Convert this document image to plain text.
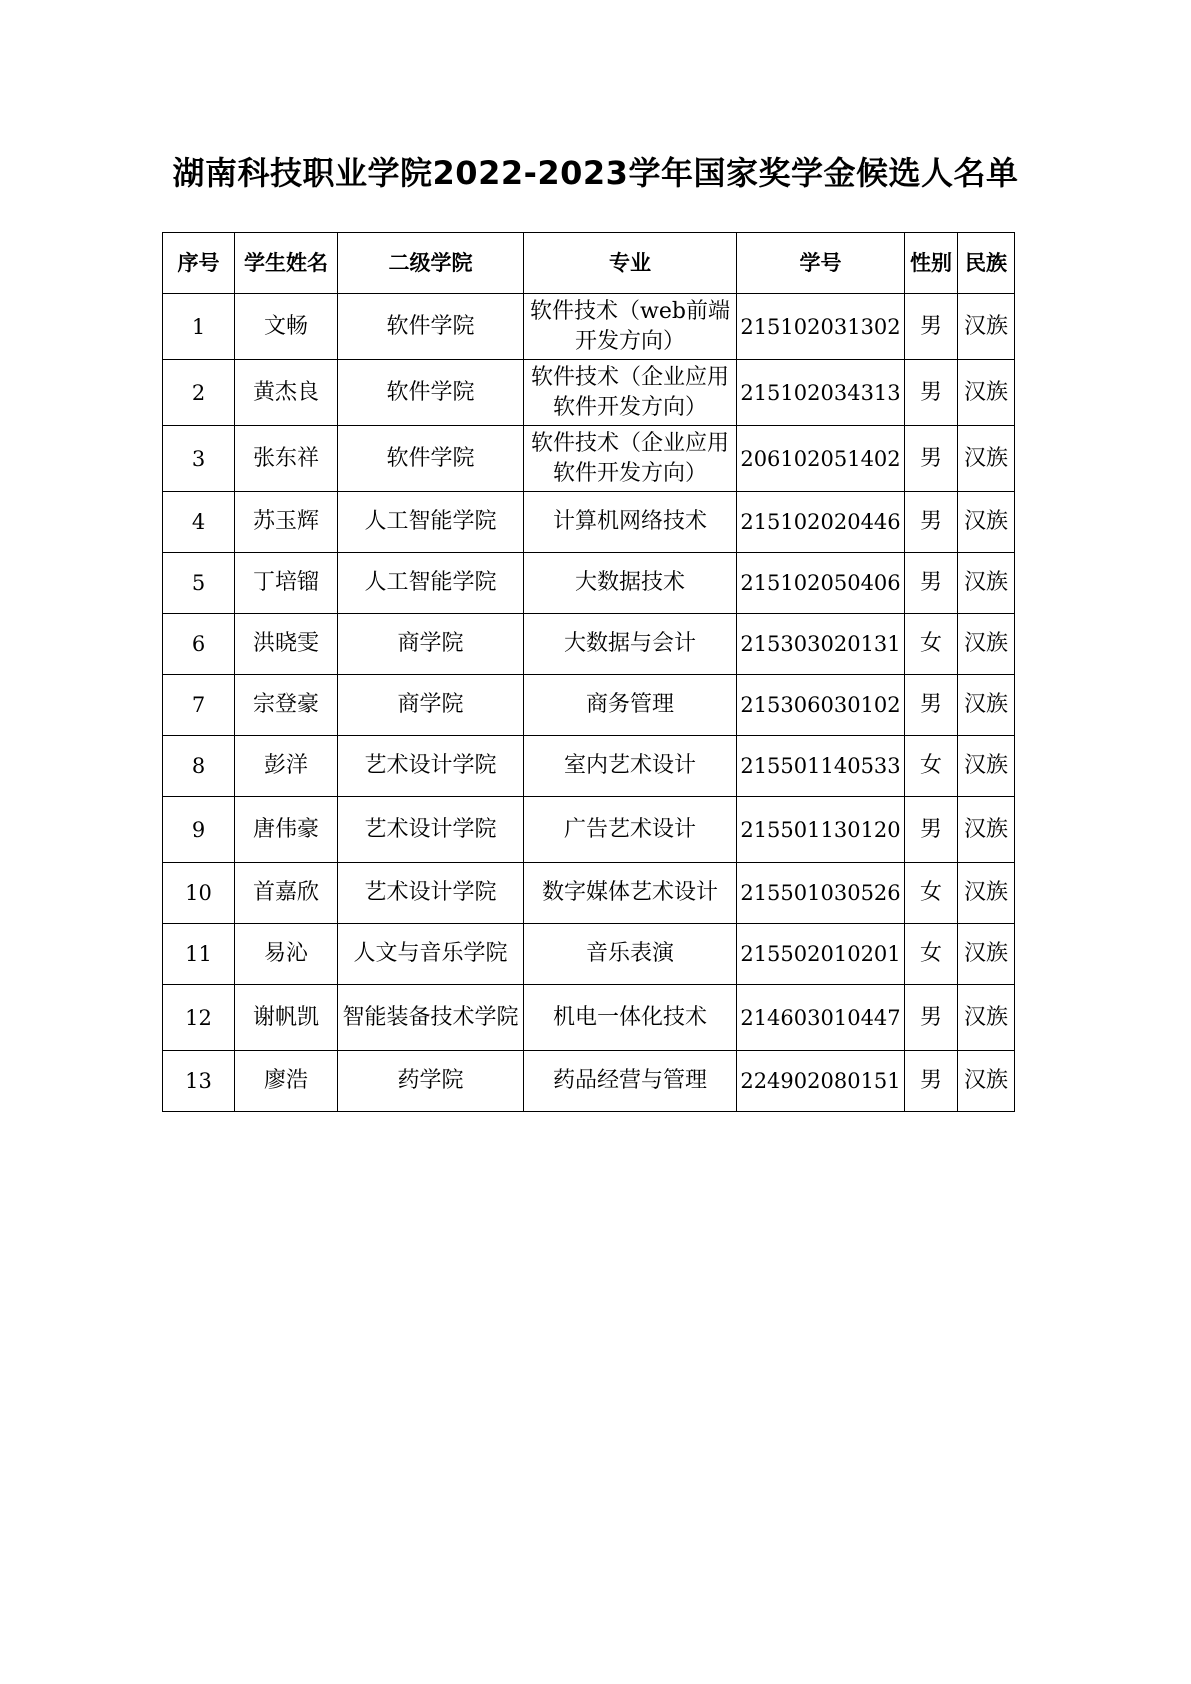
湖南科技职业学院2022-2023学年国家奖学金候选人名单
序号	学生姓名	二级学院	专业	学号	性别	民族
1	文畅	软件学院	软件技术（web前端开发方向）	215102031302	男	汉族
2	黄杰良	软件学院	软件技术（企业应用软件开发方向）	215102034313	男	汉族
3	张东祥	软件学院	软件技术（企业应用软件开发方向）	206102051402	男	汉族
4	苏玉辉	人工智能学院	计算机网络技术	215102020446	男	汉族
5	丁培镏	人工智能学院	大数据技术	215102050406	男	汉族
6	洪晓雯	商学院	大数据与会计	215303020131	女	汉族
7	宗登豪	商学院	商务管理	215306030102	男	汉族
8	彭洋	艺术设计学院	室内艺术设计	215501140533	女	汉族
9	唐伟豪	艺术设计学院	广告艺术设计	215501130120	男	汉族
10	首嘉欣	艺术设计学院	数字媒体艺术设计	215501030526	女	汉族
11	易沁	人文与音乐学院	音乐表演	215502010201	女	汉族
12	谢帆凯	智能装备技术学院	机电一体化技术	214603010447	男	汉族
13	廖浩	药学院	药品经营与管理	224902080151	男	汉族
